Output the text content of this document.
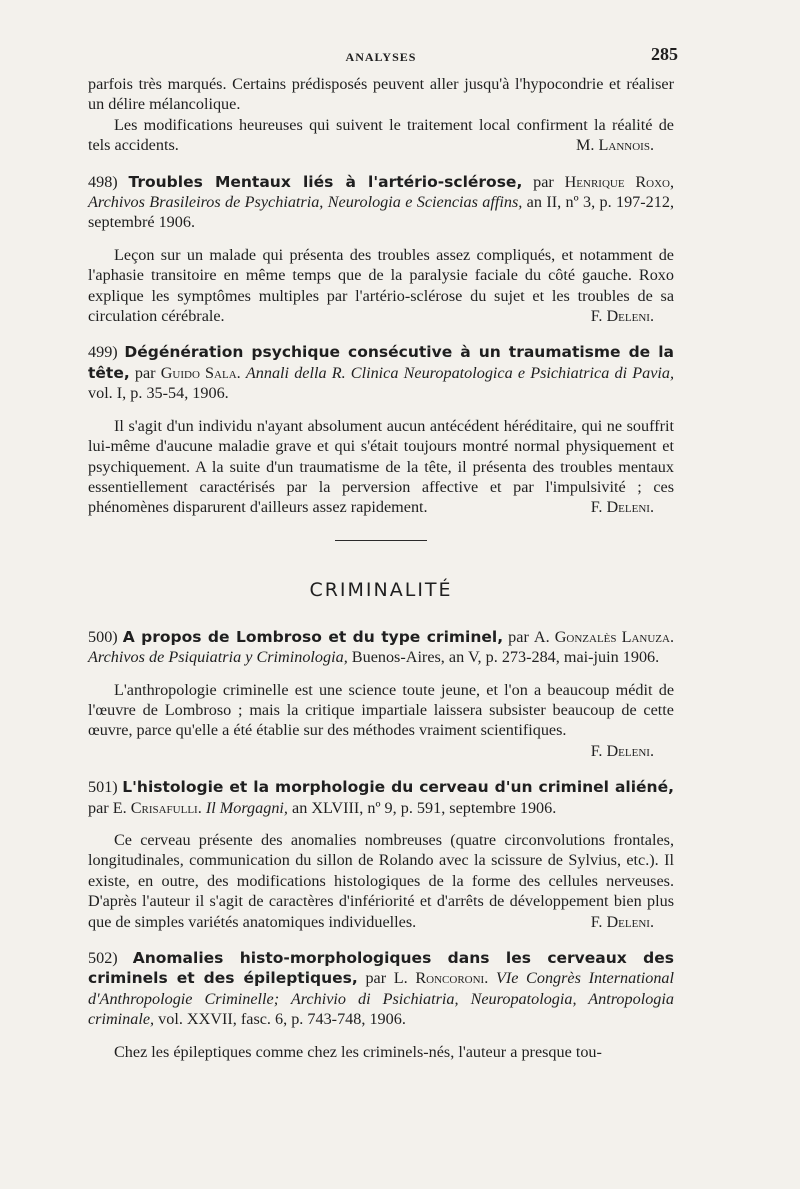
ANALYSES	285

parfois très marqués. Certains prédisposés peuvent aller jusqu'à l'hypocondrie et réaliser un délire mélancolique.

Les modifications heureuses qui suivent le traitement local confirment la réalité de tels accidents.	M. Lannois.

498) Troubles Mentaux liés à l'artério-sclérose, par Henrique Roxo, Archivos Brasileiros de Psychiatria, Neurologia e Sciencias affins, an II, nº 3, p. 197-212, septembré 1906.

Leçon sur un malade qui présenta des troubles assez compliqués, et notamment de l'aphasie transitoire en même temps que de la paralysie faciale du côté gauche. Roxo explique les symptômes multiples par l'artério-sclérose du sujet et les troubles de sa circulation cérébrale.	F. Deleni.

499) Dégénération psychique consécutive à un traumatisme de la tête, par Guido Sala. Annali della R. Clinica Neuropatologica e Psichiatrica di Pavia, vol. I, p. 35-54, 1906.

Il s'agit d'un individu n'ayant absolument aucun antécédent héréditaire, qui ne souffrit lui-même d'aucune maladie grave et qui s'était toujours montré normal physiquement et psychiquement. A la suite d'un traumatisme de la tête, il présenta des troubles mentaux essentiellement caractérisés par la perversion affective et par l'impulsivité ; ces phénomènes disparurent d'ailleurs assez rapidement.	F. Deleni.

CRIMINALITÉ

500) A propos de Lombroso et du type criminel, par A. Gonzalès Lanuza. Archivos de Psiquiatria y Criminologia, Buenos-Aires, an V, p. 273-284, mai-juin 1906.

L'anthropologie criminelle est une science toute jeune, et l'on a beaucoup médit de l'œuvre de Lombroso ; mais la critique impartiale laissera subsister beaucoup de cette œuvre, parce qu'elle a été établie sur des méthodes vraiment scientifiques.
F. Deleni.

501) L'histologie et la morphologie du cerveau d'un criminel aliéné, par E. Crisafulli. Il Morgagni, an XLVIII, nº 9, p. 591, septembre 1906.

Ce cerveau présente des anomalies nombreuses (quatre circonvolutions frontales, longitudinales, communication du sillon de Rolando avec la scissure de Sylvius, etc.). Il existe, en outre, des modifications histologiques de la forme des cellules nerveuses. D'après l'auteur il s'agit de caractères d'infériorité et d'arrêts de développement bien plus que de simples variétés anatomiques individuelles.	F. Deleni.

502) Anomalies histo-morphologiques dans les cerveaux des criminels et des épileptiques, par L. Roncoroni. VIe Congrès International d'Anthropologie Criminelle; Archivio di Psichiatria, Neuropatologia, Antropologia criminale, vol. XXVII, fasc. 6, p. 743-748, 1906.

Chez les épileptiques comme chez les criminels-nés, l'auteur a presque tou-
